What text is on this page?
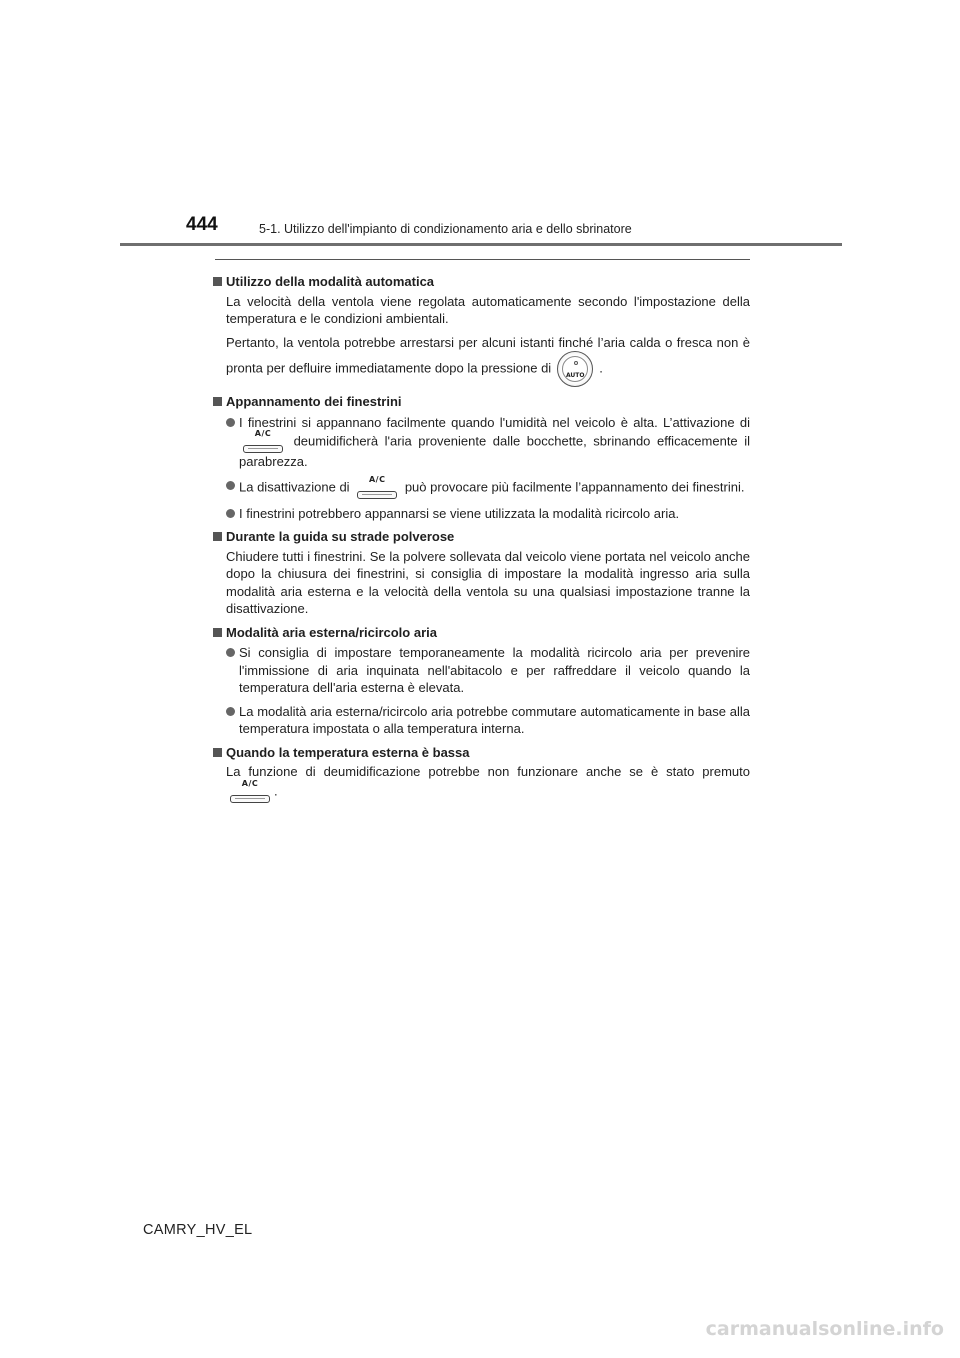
444	5-1. Utilizzo dell'impianto di condizionamento aria e dello sbrinatore
Utilizzo della modalità automatica
La velocità della ventola viene regolata automaticamente secondo l'impostazione della temperatura e le condizioni ambientali.
Pertanto, la ventola potrebbe arrestarsi per alcuni istanti finché l’aria calda o fresca non è pronta per defluire immediatamente dopo la pressione di
AUTO
.
Appannamento dei finestrini
I finestrini si appannano facilmente quando l'umidità nel veicolo è alta. L’attivazione di
A/C	deumidificherà l'aria proveniente dalle bocchette, sbrinando efficacemente il parabrezza.
La disattivazione di	A/C	può provocare più facilmente l’appannamento dei finestrini.
I finestrini potrebbero appannarsi se viene utilizzata la modalità ricircolo aria.
Durante la guida su strade polverose
Chiudere tutti i finestrini. Se la polvere sollevata dal veicolo viene portata nel veicolo anche dopo la chiusura dei finestrini, si consiglia di impostare la modalità ingresso aria sulla modalità aria esterna e la velocità della ventola su una qualsiasi impostazione tranne la disattivazione.
Modalità aria esterna/ricircolo aria
Si consiglia di impostare temporaneamente la modalità ricircolo aria per prevenire l'immissione di aria inquinata nell'abitacolo e per raffreddare il veicolo quando la temperatura dell'aria esterna è elevata.
La modalità aria esterna/ricircolo aria potrebbe commutare automaticamente in base alla temperatura impostata o alla temperatura interna.
Quando la temperatura esterna è bassa
La funzione di deumidificazione potrebbe non funzionare anche se è stato premuto
A/C	.
CAMRY_HV_EL
carmanualsonline.info
